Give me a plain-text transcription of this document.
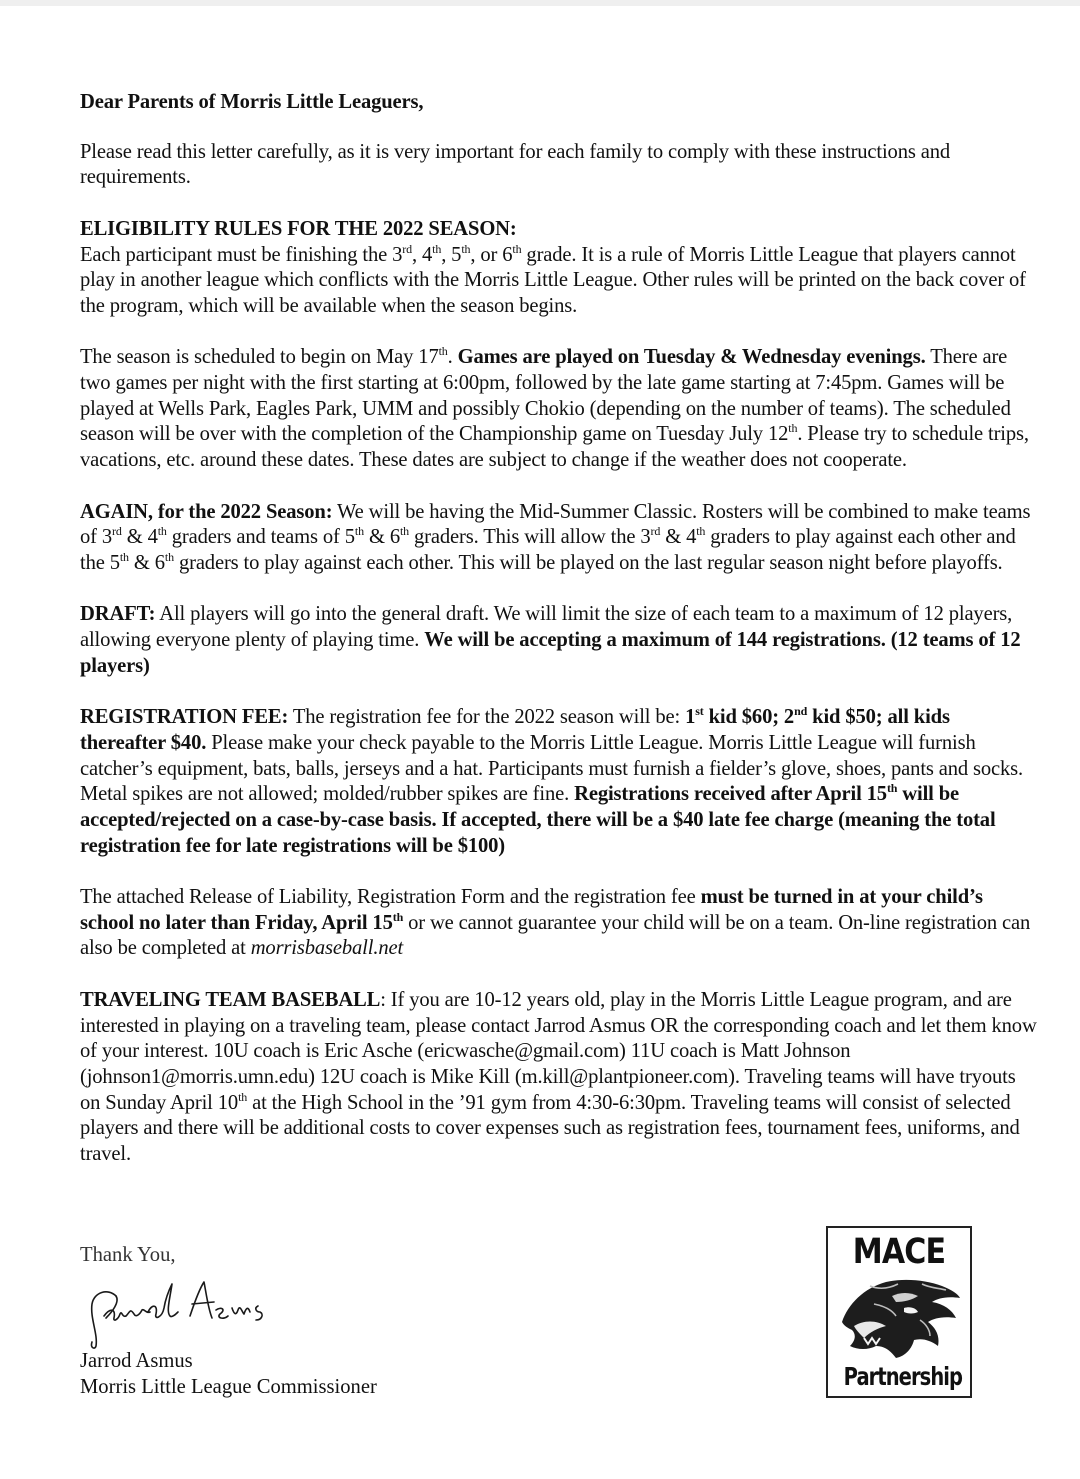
Dear Parents of Morris Little Leaguers,

Please read this letter carefully, as it is very important for each family to comply with these instructions and requirements.

ELIGIBILITY RULES FOR THE 2022 SEASON:
Each participant must be finishing the 3rd, 4th, 5th, or 6th grade. It is a rule of Morris Little League that players cannot play in another league which conflicts with the Morris Little League. Other rules will be printed on the back cover of the program, which will be available when the season begins.

The season is scheduled to begin on May 17th. Games are played on Tuesday & Wednesday evenings. There are two games per night with the first starting at 6:00pm, followed by the late game starting at 7:45pm. Games will be played at Wells Park, Eagles Park, UMM and possibly Chokio (depending on the number of teams). The scheduled season will be over with the completion of the Championship game on Tuesday July 12th. Please try to schedule trips, vacations, etc. around these dates. These dates are subject to change if the weather does not cooperate.

AGAIN, for the 2022 Season: We will be having the Mid-Summer Classic. Rosters will be combined to make teams of 3rd & 4th graders and teams of 5th & 6th graders. This will allow the 3rd & 4th graders to play against each other and the 5th & 6th graders to play against each other. This will be played on the last regular season night before playoffs.

DRAFT: All players will go into the general draft. We will limit the size of each team to a maximum of 12 players, allowing everyone plenty of playing time. We will be accepting a maximum of 144 registrations. (12 teams of 12 players)

REGISTRATION FEE: The registration fee for the 2022 season will be: 1st kid $60; 2nd kid $50; all kids thereafter $40. Please make your check payable to the Morris Little League. Morris Little League will furnish catcher’s equipment, bats, balls, jerseys and a hat. Participants must furnish a fielder’s glove, shoes, pants and socks. Metal spikes are not allowed; molded/rubber spikes are fine. Registrations received after April 15th will be accepted/rejected on a case-by-case basis. If accepted, there will be a $40 late fee charge (meaning the total registration fee for late registrations will be $100)

The attached Release of Liability, Registration Form and the registration fee must be turned in at your child’s school no later than Friday, April 15th or we cannot guarantee your child will be on a team. On-line registration can also be completed at morrisbaseball.net

TRAVELING TEAM BASEBALL: If you are 10-12 years old, play in the Morris Little League program, and are interested in playing on a traveling team, please contact Jarrod Asmus OR the corresponding coach and let them know of your interest. 10U coach is Eric Asche (ericwasche@gmail.com) 11U coach is Matt Johnson (johnson1@morris.umn.edu) 12U coach is Mike Kill (m.kill@plantpioneer.com). Traveling teams will have tryouts on Sunday April 10th at the High School in the ’91 gym from 4:30-6:30pm. Traveling teams will consist of selected players and there will be additional costs to cover expenses such as registration fees, tournament fees, uniforms, and travel.

Thank You,
Jarrod Asmus
Morris Little League Commissioner
MACE
Partnership
